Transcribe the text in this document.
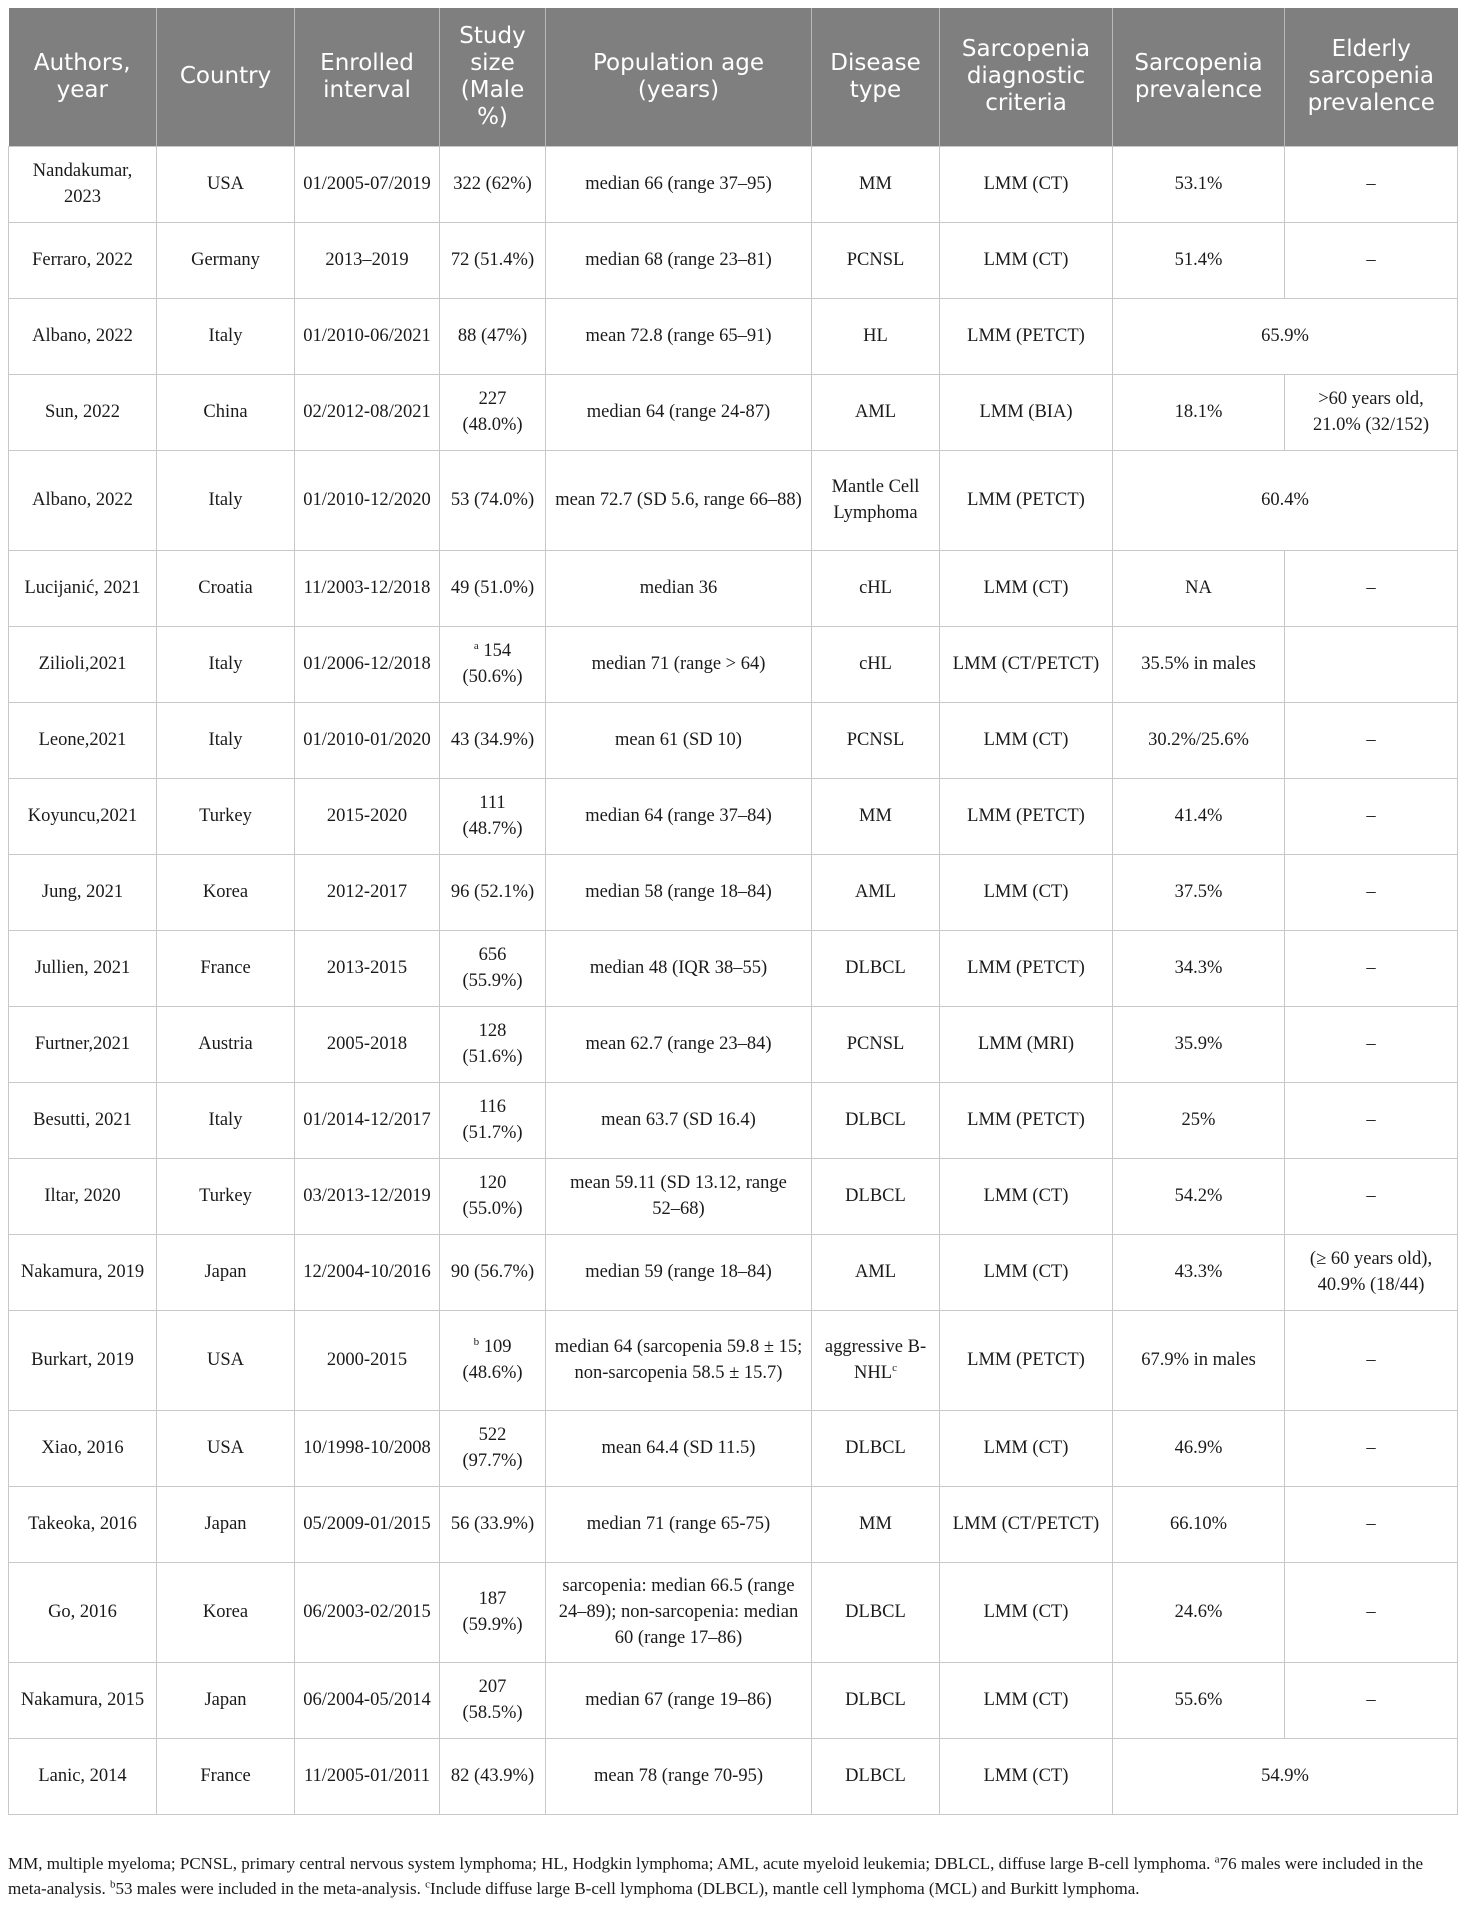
Authors, year	Country	Enrolled interval	Study size (Male %)	Population age (years)	Disease type	Sarcopenia diagnostic criteria	Sarcopenia prevalence	Elderly sarcopenia prevalence
Nandakumar, 2023	USA	01/2005-07/2019	322 (62%)	median 66 (range 37–95)	MM	LMM (CT)	53.1%	–
Ferraro, 2022	Germany	2013–2019	72 (51.4%)	median 68 (range 23–81)	PCNSL	LMM (CT)	51.4%	–
Albano, 2022	Italy	01/2010-06/2021	88 (47%)	mean 72.8 (range 65–91)	HL	LMM (PETCT)	65.9%	
Sun, 2022	China	02/2012-08/2021	227 (48.0%)	median 64 (range 24-87)	AML	LMM (BIA)	18.1%	>60 years old, 21.0% (32/152)
Albano, 2022	Italy	01/2010-12/2020	53 (74.0%)	mean 72.7 (SD 5.6, range 66–88)	Mantle Cell Lymphoma	LMM (PETCT)	60.4%	
Lucijanić, 2021	Croatia	11/2003-12/2018	49 (51.0%)	median 36	cHL	LMM (CT)	NA	–
Zilioli,2021	Italy	01/2006-12/2018	$^a$ 154 (50.6%)	median 71 (range > 64)	cHL	LMM (CT/PETCT)	35.5% in males	
Leone,2021	Italy	01/2010-01/2020	43 (34.9%)	mean 61 (SD 10)	PCNSL	LMM (CT)	30.2%/25.6%	–
Koyuncu,2021	Turkey	2015-2020	111 (48.7%)	median 64 (range 37–84)	MM	LMM (PETCT)	41.4%	–
Jung, 2021	Korea	2012-2017	96 (52.1%)	median 58 (range 18–84)	AML	LMM (CT)	37.5%	–
Jullien, 2021	France	2013-2015	656 (55.9%)	median 48 (IQR 38–55)	DLBCL	LMM (PETCT)	34.3%	–
Furtner,2021	Austria	2005-2018	128 (51.6%)	mean 62.7 (range 23–84)	PCNSL	LMM (MRI)	35.9%	–
Besutti, 2021	Italy	01/2014-12/2017	116 (51.7%)	mean 63.7 (SD 16.4)	DLBCL	LMM (PETCT)	25%	–
Iltar, 2020	Turkey	03/2013-12/2019	120 (55.0%)	mean 59.11 (SD 13.12, range 52–68)	DLBCL	LMM (CT)	54.2%	–
Nakamura, 2019	Japan	12/2004-10/2016	90 (56.7%)	median 59 (range 18–84)	AML	LMM (CT)	43.3%	(≥ 60 years old), 40.9% (18/44)
Burkart, 2019	USA	2000-2015	$^b$ 109 (48.6%)	median 64 (sarcopenia 59.8 ± 15; non-sarcopenia 58.5 ± 15.7)	aggressive B-NHL$^c$	LMM (PETCT)	67.9% in males	–
Xiao, 2016	USA	10/1998-10/2008	522 (97.7%)	mean 64.4 (SD 11.5)	DLBCL	LMM (CT)	46.9%	–
Takeoka, 2016	Japan	05/2009-01/2015	56 (33.9%)	median 71 (range 65-75)	MM	LMM (CT/PETCT)	66.10%	–
Go, 2016	Korea	06/2003-02/2015	187 (59.9%)	sarcopenia: median 66.5 (range 24–89); non-sarcopenia: median 60 (range 17–86)	DLBCL	LMM (CT)	24.6%	–
Nakamura, 2015	Japan	06/2004-05/2014	207 (58.5%)	median 67 (range 19–86)	DLBCL	LMM (CT)	55.6%	–
Lanic, 2014	France	11/2005-01/2011	82 (43.9%)	mean 78 (range 70-95)	DLBCL	LMM (CT)	54.9%	
MM, multiple myeloma; PCNSL, primary central nervous system lymphoma; HL, Hodgkin lymphoma; AML, acute myeloid leukemia; DBLCL, diffuse large B-cell lymphoma. $^a$76 males were included in the meta-analysis. $^b$53 males were included in the meta-analysis. $^c$Include diffuse large B-cell lymphoma (DLBCL), mantle cell lymphoma (MCL) and Burkitt lymphoma.
